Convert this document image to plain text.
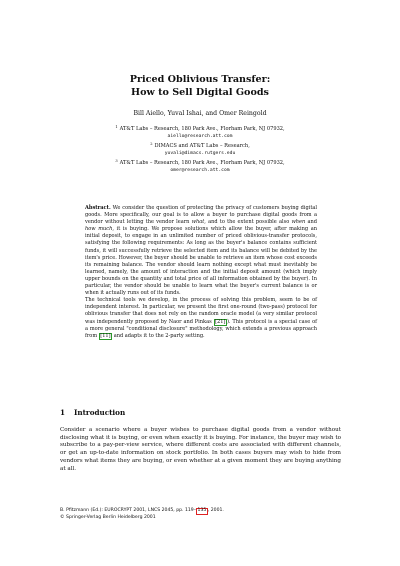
Priced Oblivious Transfer:
How to Sell Digital Goods

Bill Aiello, Yuval Ishai, and Omer Reingold

$^1$ AT&T Labs – Research, 180 Park Ave., Florham Park, NJ 07932,
aiello@research.att.com
$^2$ DIMACS and AT&T Labs – Research,
yuvali@dimacs.rutgers.edu
$^3$ AT&T Labs – Research, 180 Park Ave., Florham Park, NJ 07932,
omer@research.att.com

Abstract. We consider the question of protecting the privacy of customers buying digital goods. More specifically, our goal is to allow a buyer to purchase digital goods from a vendor without letting the vendor learn what, and to the extent possible also when and how much, it is buying. We propose solutions which allow the buyer, after making an initial deposit, to engage in an unlimited number of priced oblivious-transfer protocols, satisfying the following requirements: As long as the buyer's balance contains sufficient funds, it will successfully retrieve the selected item and its balance will be debited by the item's price. However, the buyer should be unable to retrieve an item whose cost exceeds its remaining balance. The vendor should learn nothing except what must inevitably be learned, namely, the amount of interaction and the initial deposit amount (which imply upper bounds on the quantity and total price of all information obtained by the buyer). In particular, the vendor should be unable to learn what the buyer's current balance is or when it actually runs out of its funds.

The technical tools we develop, in the process of solving this problem, seem to be of independent interest. In particular, we present the first one-round (two-pass) protocol for oblivious transfer that does not rely on the random oracle model (a very similar protocol was independently proposed by Naor and Pinkas [21] ). This protocol is a special case of a more general "conditional disclosure" methodology, which extends a previous approach from [11] and adapts it to the 2-party setting.

1 Introduction

Consider a scenario where a buyer wishes to purchase digital goods from a vendor without disclosing what it is buying, or even when exactly it is buying. For instance, the buyer may wish to subscribe to a pay-per-view service, where different costs are associated with different channels, or get an up-to-date information on stock portfolio. In both cases buyers may wish to hide from vendors what items they are buying, or even whether at a given moment they are buying anything at all.

B. Pfitzmann (Ed.): EUROCRYPT 2001, LNCS 2045, pp. 119– 135 , 2001.
© Springer-Verlag Berlin Heidelberg 2001
